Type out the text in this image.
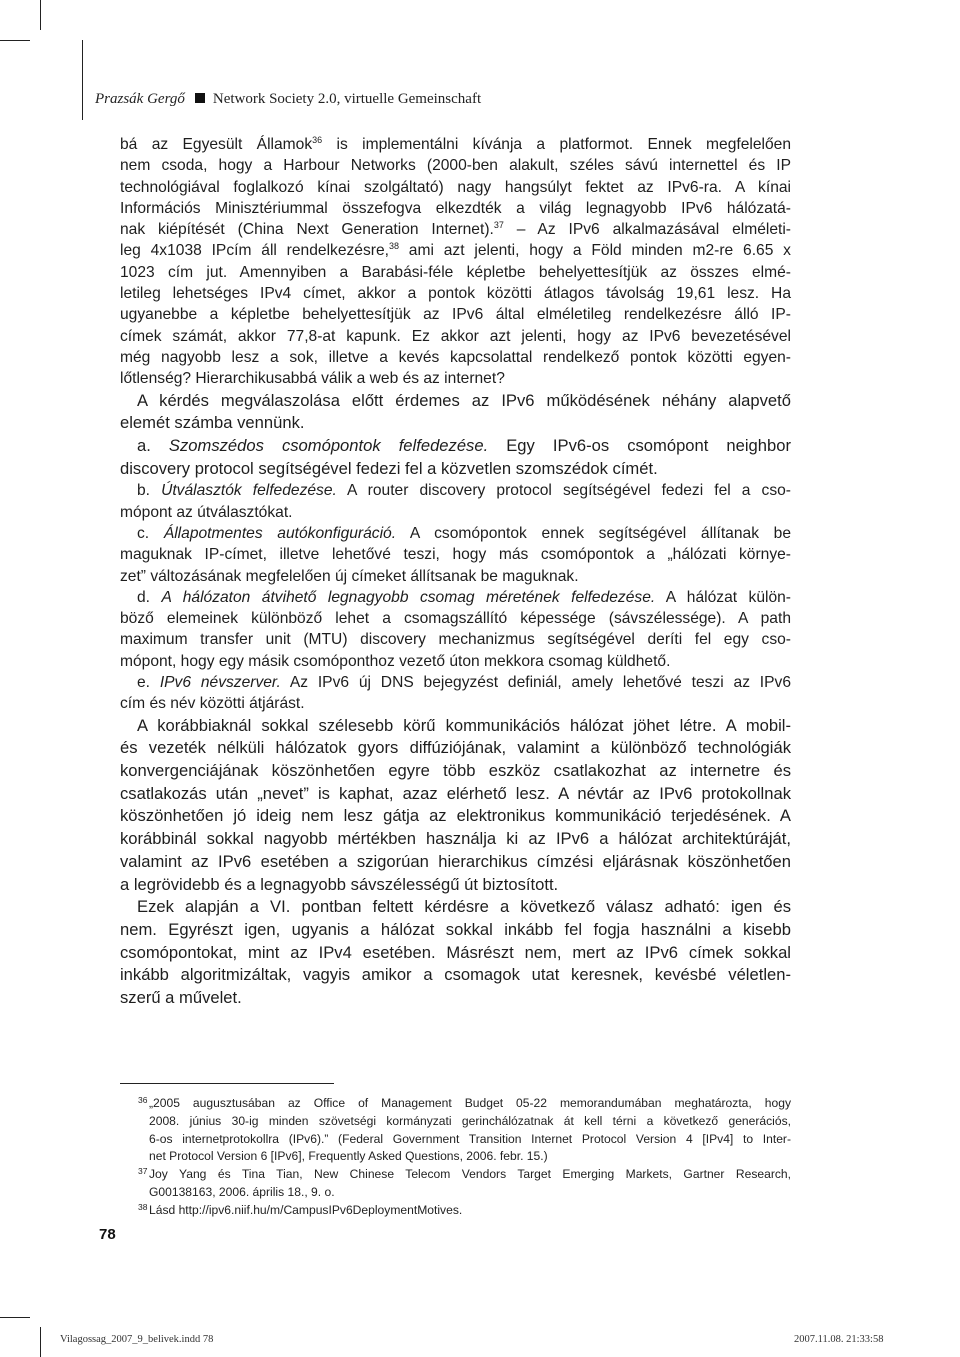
Prazsák Gergő Network Society 2.0, virtuelle Gemeinschaft
bá az Egyesült Államok$^{36}$ is implementálni kívánja a platformot. Ennek megfelelően
nem csoda, hogy a Harbour Networks (2000-ben alakult, széles sávú internettel és IP
technológiával foglalkozó kínai szolgáltató) nagy hangsúlyt fektet az IPv6-ra. A kínai
Információs Minisztériummal összefogva elkezdték a világ legnagyobb IPv6 hálózatá-
nak kiépítését (China Next Generation Internet).$^{37}$ – Az IPv6 alkalmazásával elméleti-
leg 4x1038 IPcím áll rendelkezésre,$^{38}$ ami azt jelenti, hogy a Föld minden m2-re 6.65 x
1023 cím jut. Amennyiben a Barabási-féle képletbe behelyettesítjük az összes elmé-
letileg lehetséges IPv4 címet, akkor a pontok közötti átlagos távolság 19,61 lesz. Ha
ugyanebbe a képletbe behelyettesítjük az IPv6 által elméletileg rendelkezésre álló IP-
címek számát, akkor 77,8-at kapunk. Ez akkor azt jelenti, hogy az IPv6 bevezetésével
még nagyobb lesz a sok, illetve a kevés kapcsolattal rendelkező pontok közötti egyen-
lőtlenség? Hierarchikusabbá válik a web és az internet?
A kérdés megválaszolása előtt érdemes az IPv6 működésének néhány alapvető
elemét számba vennünk.
a. Szomszédos csomópontok felfedezése. Egy IPv6-os csomópont neighbor
discovery protocol segítségével fedezi fel a közvetlen szomszédok címét.
b. Útválasztók felfedezése. A router discovery protocol segítségével fedezi fel a cso-
mópont az útválasztókat.
c. Állapotmentes autókonfiguráció. A csomópontok ennek segítségével állítanak be
maguknak IP-címet, illetve lehetővé teszi, hogy más csomópontok a „hálózati környe-
zet” változásának megfelelően új címeket állítsanak be maguknak.
d. A hálózaton átvihető legnagyobb csomag méretének felfedezése. A hálózat külön-
böző elemeinek különböző lehet a csomagszállító képessége (sávszélessége). A path
maximum transfer unit (MTU) discovery mechanizmus segítségével deríti fel egy cso-
mópont, hogy egy másik csomóponthoz vezető úton mekkora csomag küldhető.
e. IPv6 névszerver. Az IPv6 új DNS bejegyzést definiál, amely lehetővé teszi az IPv6
cím és név közötti átjárást.
A korábbiaknál sokkal szélesebb körű kommunikációs hálózat jöhet létre. A mobil-
és vezeték nélküli hálózatok gyors diffúziójának, valamint a különböző technológiák
konvergenciájának köszönhetően egyre több eszköz csatlakozhat az internetre és
csatlakozás után „nevet” is kaphat, azaz elérhető lesz. A névtár az IPv6 protokollnak
köszönhetően jó ideig nem lesz gátja az elektronikus kommunikáció terjedésének. A
korábbinál sokkal nagyobb mértékben használja ki az IPv6 a hálózat architektúráját,
valamint az IPv6 esetében a szigorúan hierarchikus címzési eljárásnak köszönhetően
a legrövidebb és a legnagyobb sávszélességű út biztosított.
Ezek alapján a VI. pontban feltett kérdésre a következő válasz adható: igen és
nem. Egyrészt igen, ugyanis a hálózat sokkal inkább fel fogja használni a kisebb
csomópontokat, mint az IPv4 esetében. Másrészt nem, mert az IPv6 címek sokkal
inkább algoritmizáltak, vagyis amikor a csomagok utat keresnek, kevésbé véletlen-
szerű a művelet.
36 „2005 augusztusában az Office of Management Budget 05-22 memorandumában meghatározta, hogy
2008. június 30-ig minden szövetségi kormányzati gerinchálózatnak át kell térni a következő generációs,
6-os internetprotokollra (IPv6).” (Federal Government Transition Internet Protocol Version 4 [IPv4] to Inter-
net Protocol Version 6 [IPv6], Frequently Asked Questions, 2006. febr. 15.)
37 Joy Yang és Tina Tian, New Chinese Telecom Vendors Target Emerging Markets, Gartner Research,
G00138163, 2006. április 18., 9. o.
38 Lásd http://ipv6.niif.hu/m/CampusIPv6DeploymentMotives.
78
Vilagossag_2007_9_belivek.indd 78	2007.11.08. 21:33:58
